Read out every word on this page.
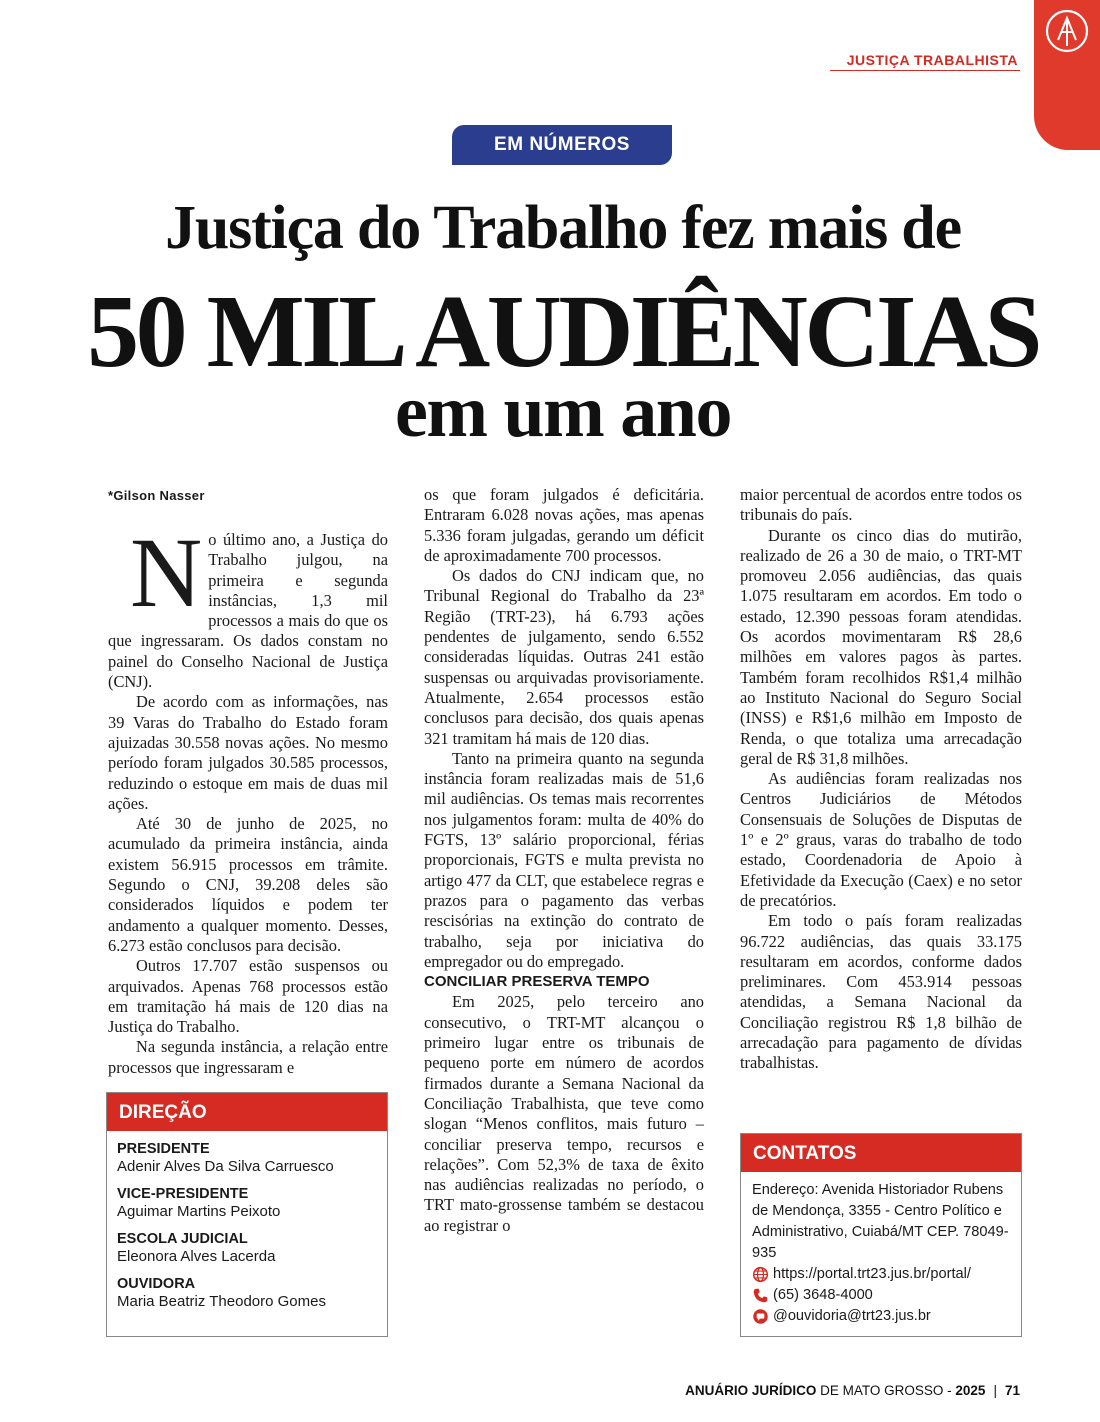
JUSTIÇA TRABALHISTA
EM NÚMEROS
Justiça do Trabalho fez mais de
50 MIL AUDIÊNCIAS
em um ano
*Gilson Nasser

No último ano, a Justiça do Trabalho julgou, na primeira e segunda instâncias, 1,3 mil processos a mais do que os que ingressaram. Os dados constam no painel do Conselho Nacional de Justiça (CNJ).

De acordo com as informações, nas 39 Varas do Trabalho do Estado foram ajuizadas 30.558 novas ações. No mesmo período foram julgados 30.585 processos, reduzindo o estoque em mais de duas mil ações.

Até 30 de junho de 2025, no acumulado da primeira instância, ainda existem 56.915 processos em trâmite. Segundo o CNJ, 39.208 deles são considerados líquidos e podem ter andamento a qualquer momento. Desses, 6.273 estão conclusos para decisão.

Outros 17.707 estão suspensos ou arquivados. Apenas 768 processos estão em tramitação há mais de 120 dias na Justiça do Trabalho.

Na segunda instância, a relação entre processos que ingressaram e

os que foram julgados é deficitária. Entraram 6.028 novas ações, mas apenas 5.336 foram julgadas, gerando um déficit de aproximadamente 700 processos.

Os dados do CNJ indicam que, no Tribunal Regional do Trabalho da 23ª Região (TRT-23), há 6.793 ações pendentes de julgamento, sendo 6.552 consideradas líquidas. Outras 241 estão suspensas ou arquivadas provisoriamente. Atualmente, 2.654 processos estão conclusos para decisão, dos quais apenas 321 tramitam há mais de 120 dias.

Tanto na primeira quanto na segunda instância foram realizadas mais de 51,6 mil audiências. Os temas mais recorrentes nos julgamentos foram: multa de 40% do FGTS, 13º salário proporcional, férias proporcionais, FGTS e multa prevista no artigo 477 da CLT, que estabelece regras e prazos para o pagamento das verbas rescisórias na extinção do contrato de trabalho, seja por iniciativa do empregador ou do empregado.

CONCILIAR PRESERVA TEMPO

Em 2025, pelo terceiro ano consecutivo, o TRT-MT alcançou o primeiro lugar entre os tribunais de pequeno porte em número de acordos firmados durante a Semana Nacional da Conciliação Trabalhista, que teve como slogan “Menos conflitos, mais futuro – conciliar preserva tempo, recursos e relações”. Com 52,3% de taxa de êxito nas audiências realizadas no período, o TRT mato-grossense também se destacou ao registrar o

maior percentual de acordos entre todos os tribunais do país.

Durante os cinco dias do mutirão, realizado de 26 a 30 de maio, o TRT-MT promoveu 2.056 audiências, das quais 1.075 resultaram em acordos. Em todo o estado, 12.390 pessoas foram atendidas. Os acordos movimentaram R$ 28,6 milhões em valores pagos às partes. Também foram recolhidos R$1,4 milhão ao Instituto Nacional do Seguro Social (INSS) e R$1,6 milhão em Imposto de Renda, o que totaliza uma arrecadação geral de R$ 31,8 milhões.

As audiências foram realizadas nos Centros Judiciários de Métodos Consensuais de Soluções de Disputas de 1º e 2º graus, varas do trabalho de todo estado, Coordenadoria de Apoio à Efetividade da Execução (Caex) e no setor de precatórios.

Em todo o país foram realizadas 96.722 audiências, das quais 33.175 resultaram em acordos, conforme dados preliminares. Com 453.914 pessoas atendidas, a Semana Nacional da Conciliação registrou R$ 1,8 bilhão de arrecadação para pagamento de dívidas trabalhistas.

DIREÇÃO
PRESIDENTE
Adenir Alves Da Silva Carruesco
VICE-PRESIDENTE
Aguimar Martins Peixoto
ESCOLA JUDICIAL
Eleonora Alves Lacerda
OUVIDORA
Maria Beatriz Theodoro Gomes
CONTATOS
Endereço: Avenida Historiador Rubens de Mendonça, 3355 - Centro Político e Administrativo, Cuiabá/MT CEP. 78049-935
https://portal.trt23.jus.br/portal/
(65) 3648-4000
@ouvidoria@trt23.jus.br
ANUÁRIO JURÍDICO DE MATO GROSSO - 2025 | 71
